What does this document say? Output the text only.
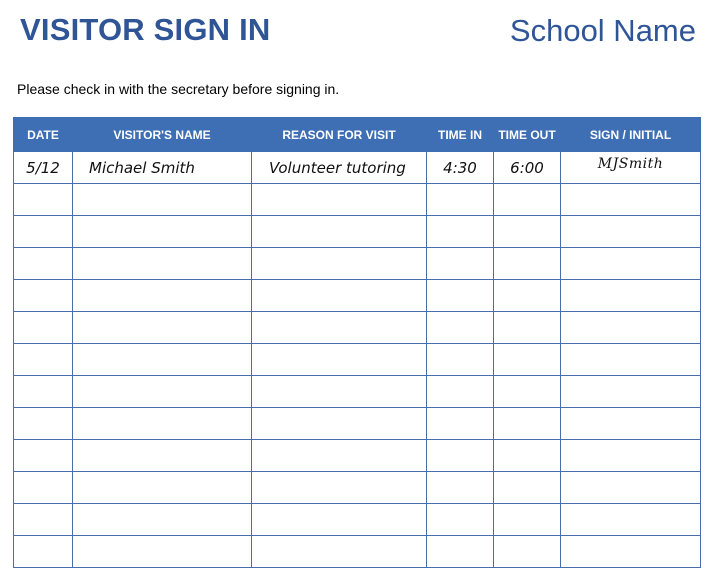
VISITOR SIGN IN	School Name
Please check in with the secretary before signing in.
DATE	VISITOR'S NAME	REASON FOR VISIT	TIME IN	TIME OUT	SIGN / INITIAL
5/12	Michael Smith	Volunteer tutoring	4:30	6:00	MJSmith
